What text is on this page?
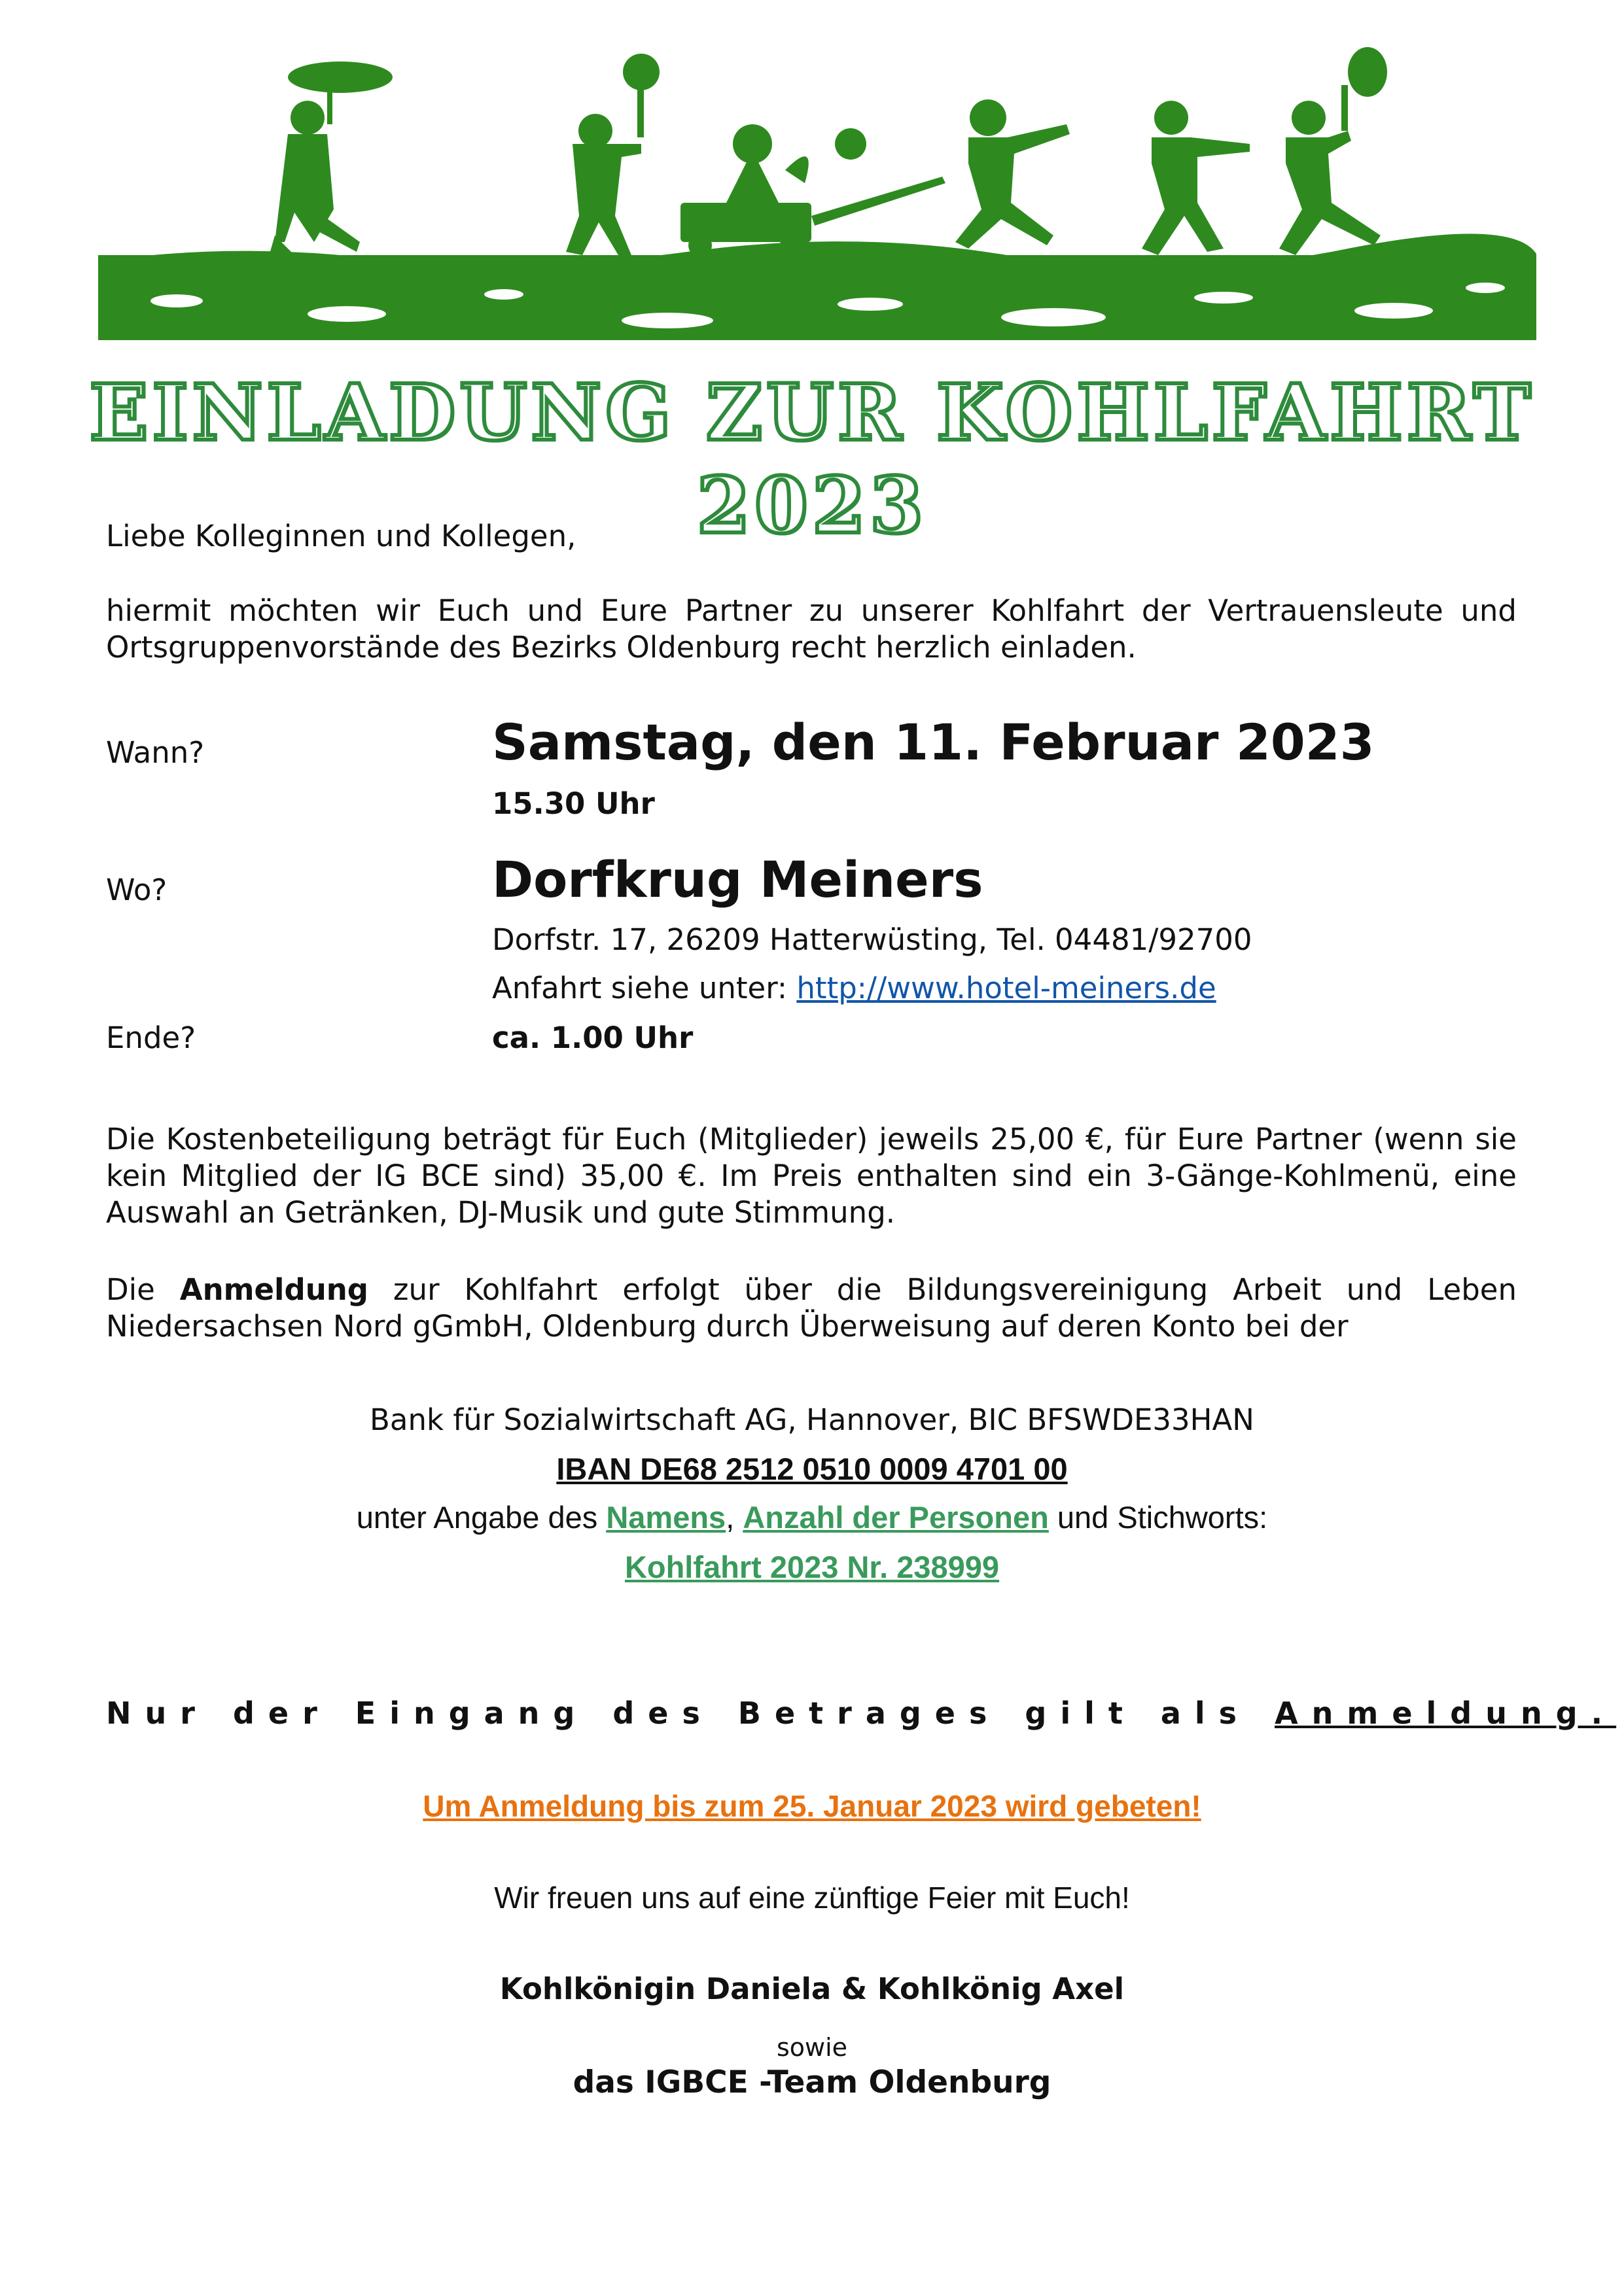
EINLADUNG ZUR KOHLFAHRT 2023
Liebe Kolleginnen und Kollegen,
hiermit möchten wir Euch und Eure Partner zu unserer Kohlfahrt der Vertrauensleute und Ortsgruppenvorstände des Bezirks Oldenburg recht herzlich einladen.
Wann?	Samstag, den 11. Februar 2023
15.30 Uhr
Wo?	Dorfkrug Meiners
Dorfstr. 17, 26209 Hatterwüsting, Tel. 04481/92700
Anfahrt siehe unter: http://www.hotel-meiners.de
Ende?	ca. 1.00 Uhr
Die Kostenbeteiligung beträgt für Euch (Mitglieder) jeweils 25,00 €, für Eure Partner (wenn sie kein Mitglied der IG BCE sind) 35,00 €. Im Preis enthalten sind ein 3-Gänge-Kohlmenü, eine Auswahl an Getränken, DJ-Musik und gute Stimmung.
Die Anmeldung zur Kohlfahrt erfolgt über die Bildungsvereinigung Arbeit und Leben Niedersachsen Nord gGmbH, Oldenburg durch Überweisung auf deren Konto bei der
Bank für Sozialwirtschaft AG, Hannover, BIC BFSWDE33HAN
IBAN DE68 2512 0510 0009 4701 00
unter Angabe des Namens, Anzahl der Personen und Stichworts:
Kohlfahrt 2023 Nr. 238999
Nur der Eingang des Betrages gilt als Anmeldung.
Um Anmeldung bis zum 25. Januar 2023 wird gebeten!
Wir freuen uns auf eine zünftige Feier mit Euch!
Kohlkönigin Daniela & Kohlkönig Axel
sowie
das IGBCE -Team Oldenburg
